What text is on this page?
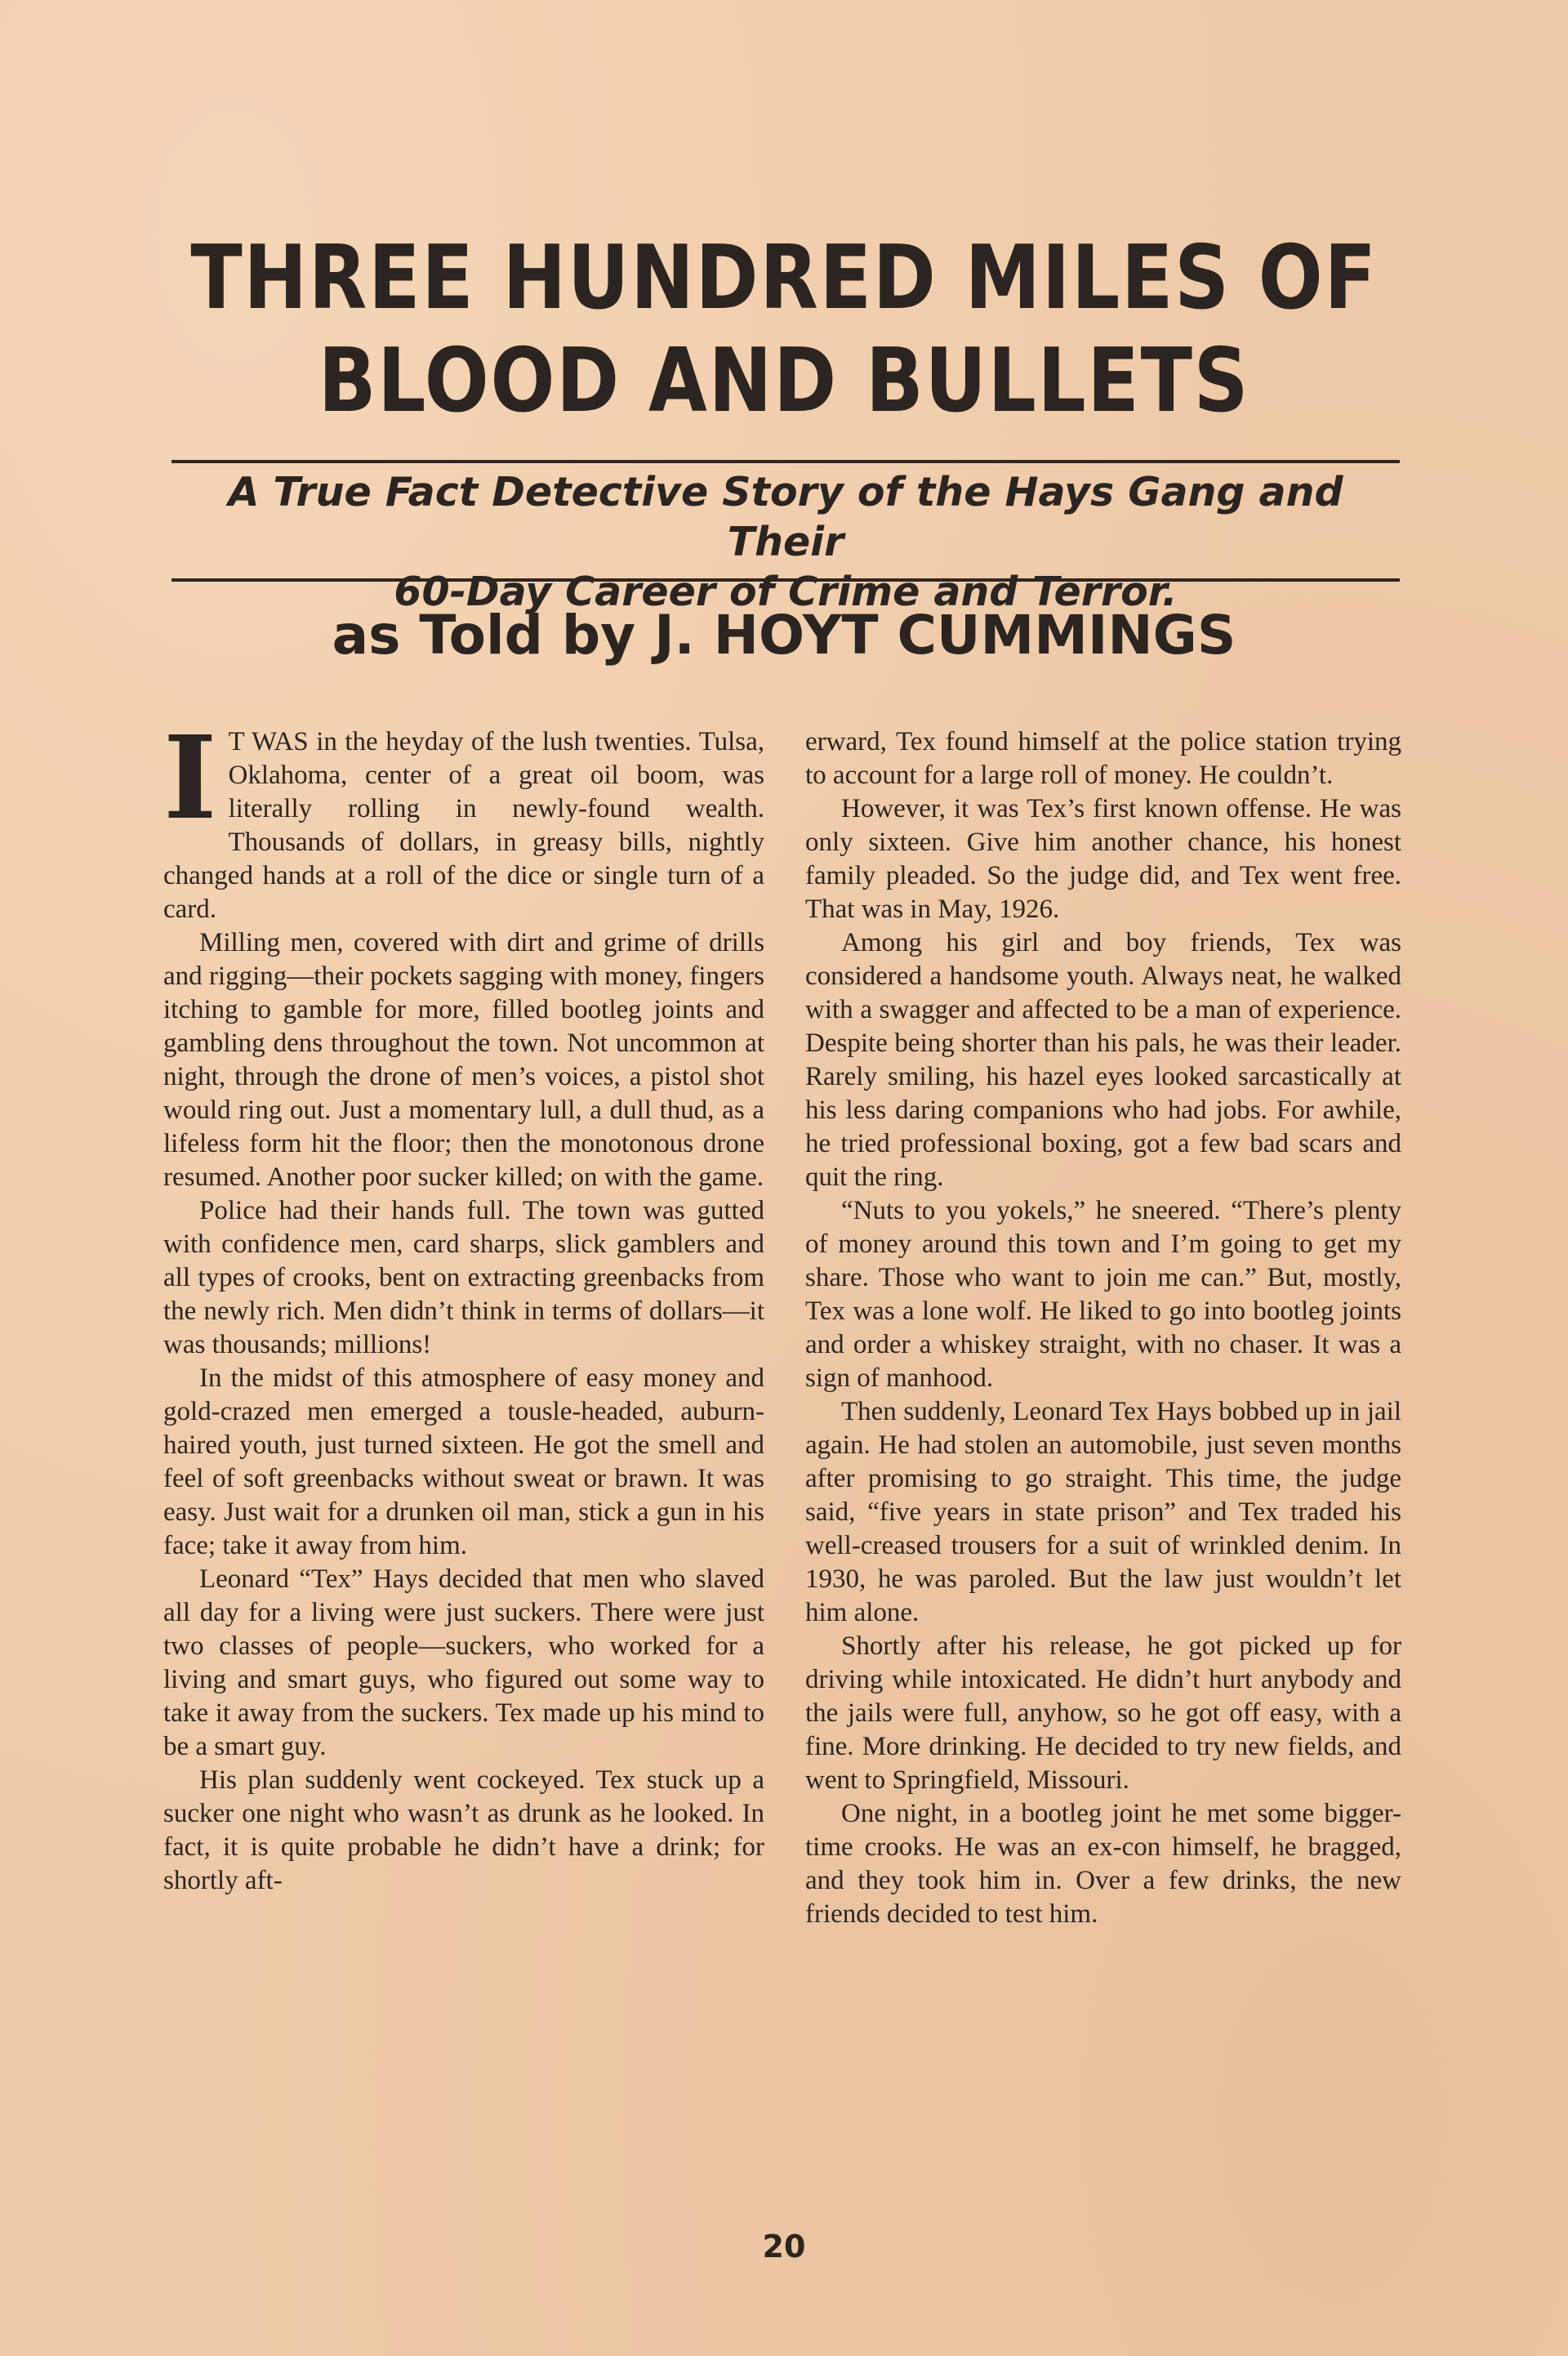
THREE HUNDRED MILES OF
BLOOD AND BULLETS
A True Fact Detective Story of the Hays Gang and Their
60-Day Career of Crime and Terror.
as Told by J. HOYT CUMMINGS

I T WAS in the heyday of the lush twenties. Tulsa, Oklahoma, center of a great oil boom, was literally rolling in newly-found wealth. Thousands of dollars, in greasy bills, nightly changed hands at a roll of the dice or single turn of a card.

Milling men, covered with dirt and grime of drills and rigging—their pockets sagging with money, fingers itching to gamble for more, filled bootleg joints and gambling dens throughout the town. Not uncommon at night, through the drone of men’s voices, a pistol shot would ring out. Just a momentary lull, a dull thud, as a lifeless form hit the floor; then the monotonous drone resumed. Another poor sucker killed; on with the game.

Police had their hands full. The town was gutted with confidence men, card sharps, slick gamblers and all types of crooks, bent on extracting greenbacks from the newly rich. Men didn’t think in terms of dollars—it was thousands; millions!

In the midst of this atmosphere of easy money and gold-crazed men emerged a tousle-headed, auburn-haired youth, just turned sixteen. He got the smell and feel of soft greenbacks without sweat or brawn. It was easy. Just wait for a drunken oil man, stick a gun in his face; take it away from him.

Leonard “Tex” Hays decided that men who slaved all day for a living were just suckers. There were just two classes of people—suckers, who worked for a living and smart guys, who figured out some way to take it away from the suckers. Tex made up his mind to be a smart guy.

His plan suddenly went cockeyed. Tex stuck up a sucker one night who wasn’t as drunk as he looked. In fact, it is quite probable he didn’t have a drink; for shortly aft-

erward, Tex found himself at the police station trying to account for a large roll of money. He couldn’t.

However, it was Tex’s first known offense. He was only sixteen. Give him another chance, his honest family pleaded. So the judge did, and Tex went free. That was in May, 1926.

Among his girl and boy friends, Tex was considered a handsome youth. Always neat, he walked with a swagger and affected to be a man of experience. Despite being shorter than his pals, he was their leader. Rarely smiling, his hazel eyes looked sarcastically at his less daring companions who had jobs. For awhile, he tried professional boxing, got a few bad scars and quit the ring.

“Nuts to you yokels,” he sneered. “There’s plenty of money around this town and I’m going to get my share. Those who want to join me can.” But, mostly, Tex was a lone wolf. He liked to go into bootleg joints and order a whiskey straight, with no chaser. It was a sign of manhood.

Then suddenly, Leonard Tex Hays bobbed up in jail again. He had stolen an automobile, just seven months after promising to go straight. This time, the judge said, “five years in state prison” and Tex traded his well-creased trousers for a suit of wrinkled denim. In 1930, he was paroled. But the law just wouldn’t let him alone.

Shortly after his release, he got picked up for driving while intoxicated. He didn’t hurt anybody and the jails were full, anyhow, so he got off easy, with a fine. More drinking. He decided to try new fields, and went to Springfield, Missouri.

One night, in a bootleg joint he met some bigger-time crooks. He was an ex-con himself, he bragged, and they took him in. Over a few drinks, the new friends decided to test him.

20
